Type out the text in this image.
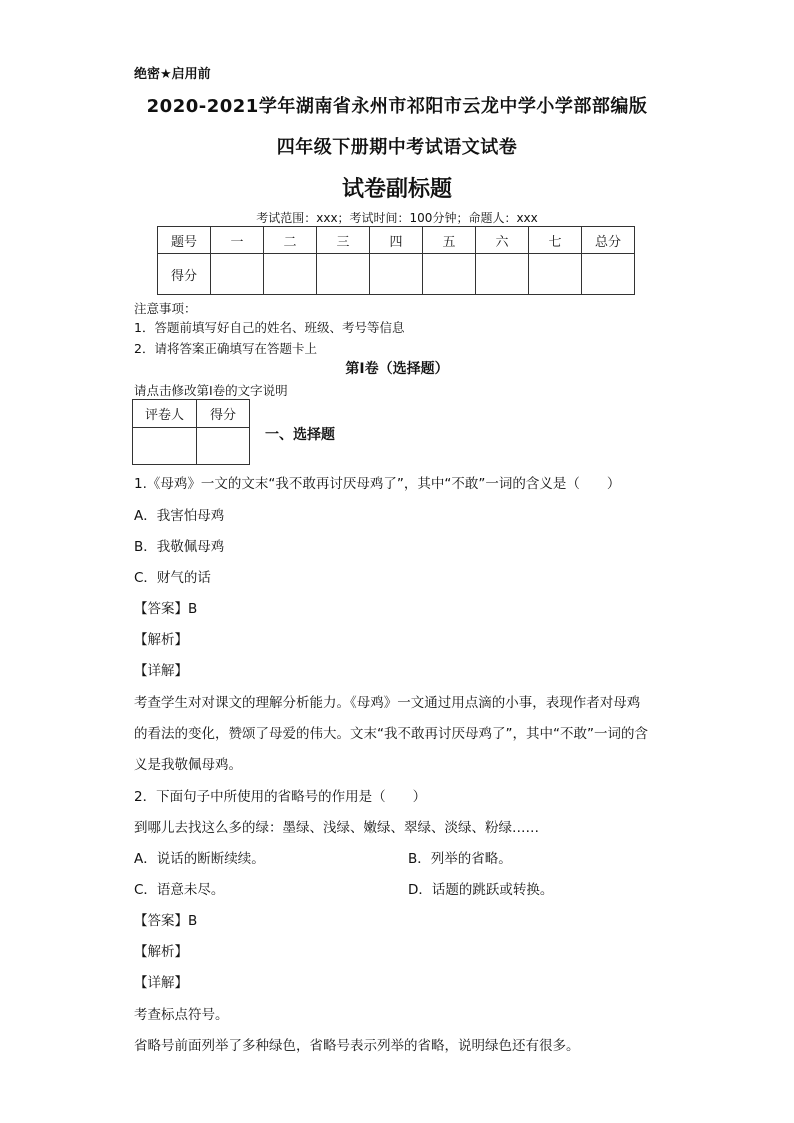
绝密★启用前
2020-2021学年湖南省永州市祁阳市云龙中学小学部部编版
四年级下册期中考试语文试卷
试卷副标题
考试范围：xxx；考试时间：100分钟；命题人：xxx
题号	一	二	三	四	五	六	七	总分
得分								
注意事项：
1．答题前填写好自己的姓名、班级、考号等信息
2．请将答案正确填写在答题卡上
第I卷（选择题）
请点击修改第I卷的文字说明
评卷人	得分

一、选择题
1.《母鸡》一文的文末“我不敢再讨厌母鸡了”，其中“不敢”一词的含义是（　　）
A．我害怕母鸡
B．我敬佩母鸡
C．财气的话
【答案】B
【解析】
【详解】
考查学生对对课文的理解分析能力。《母鸡》一文通过用点滴的小事，表现作者对母鸡
的看法的变化，赞颂了母爱的伟大。文末“我不敢再讨厌母鸡了”，其中“不敢”一词的含
义是我敬佩母鸡。
2．下面句子中所使用的省略号的作用是（　　）
到哪儿去找这么多的绿：墨绿、浅绿、嫩绿、翠绿、淡绿、粉绿……
A．说话的断断续续。	B．列举的省略。
C．语意未尽。	D．话题的跳跃或转换。
【答案】B
【解析】
【详解】
考查标点符号。
省略号前面列举了多种绿色，省略号表示列举的省略，说明绿色还有很多。
